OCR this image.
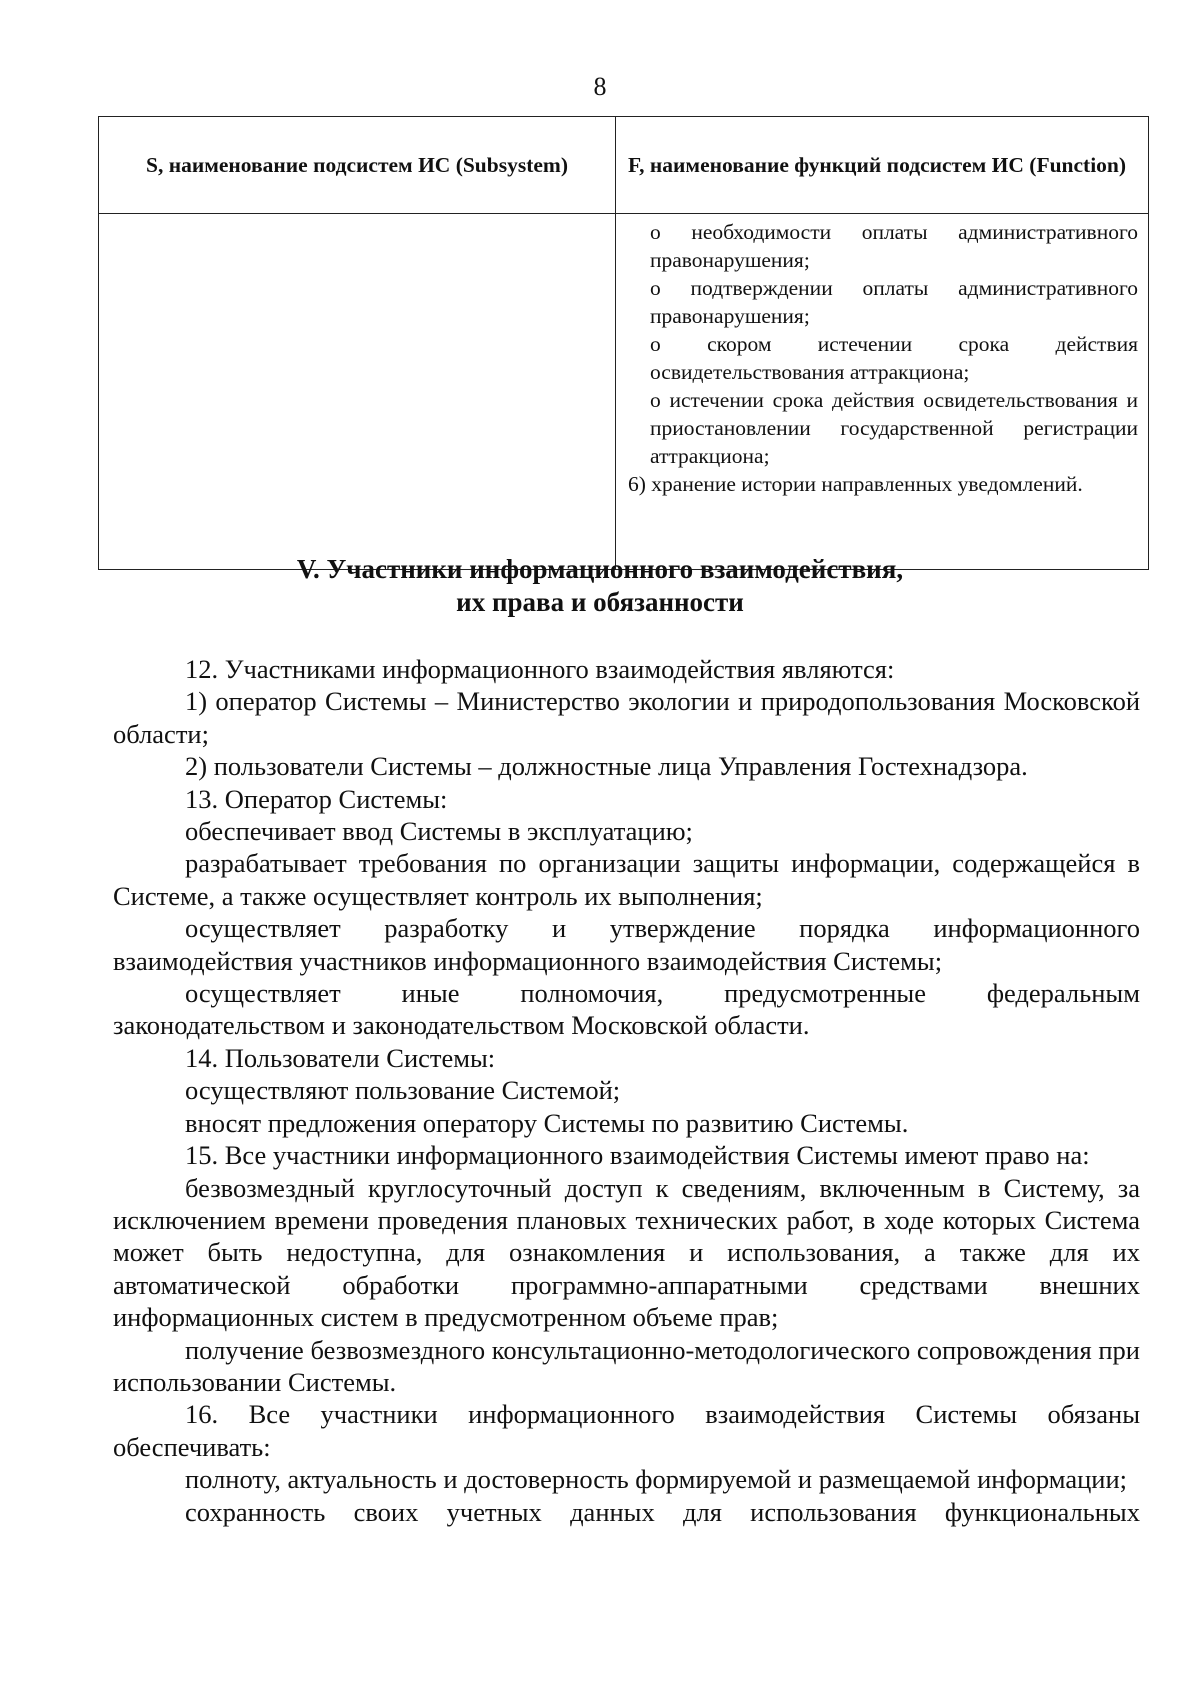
8
S, наименование подсистем ИС (Subsystem)	F, наименование функций подсистем ИС (Function)

	о необходимости оплаты административного правонарушения;
о подтверждении оплаты административного правонарушения;
о скором истечении срока действия освидетельствования аттракциона;
о истечении срока действия освидетельствования и приостановлении государственной регистрации аттракциона;
6) хранение истории направленных уведомлений.
V. Участники информационного взаимодействия,
их права и обязанности

12. Участниками информационного взаимодействия являются:

1) оператор Системы – Министерство экологии и природопользования Московской области;

2) пользователи Системы – должностные лица Управления Гостехнадзора.

13. Оператор Системы:

обеспечивает ввод Системы в эксплуатацию;

разрабатывает требования по организации защиты информации, содержащейся в Системе, а также осуществляет контроль их выполнения;

осуществляет разработку и утверждение порядка информационного взаимодействия участников информационного взаимодействия Системы;

осуществляет иные полномочия, предусмотренные федеральным законодательством и законодательством Московской области.

14. Пользователи Системы:

осуществляют пользование Системой;

вносят предложения оператору Системы по развитию Системы.

15. Все участники информационного взаимодействия Системы имеют право на:

безвозмездный круглосуточный доступ к сведениям, включенным в Систему, за исключением времени проведения плановых технических работ, в ходе которых Система может быть недоступна, для ознакомления и использования, а также для их автоматической обработки программно-аппаратными средствами внешних информационных систем в предусмотренном объеме прав;

получение безвозмездного консультационно-методологического сопровождения при использовании Системы.

16. Все участники информационного взаимодействия Системы обязаны обеспечивать:

полноту, актуальность и достоверность формируемой и размещаемой информации;

сохранность своих учетных данных для использования функциональных
